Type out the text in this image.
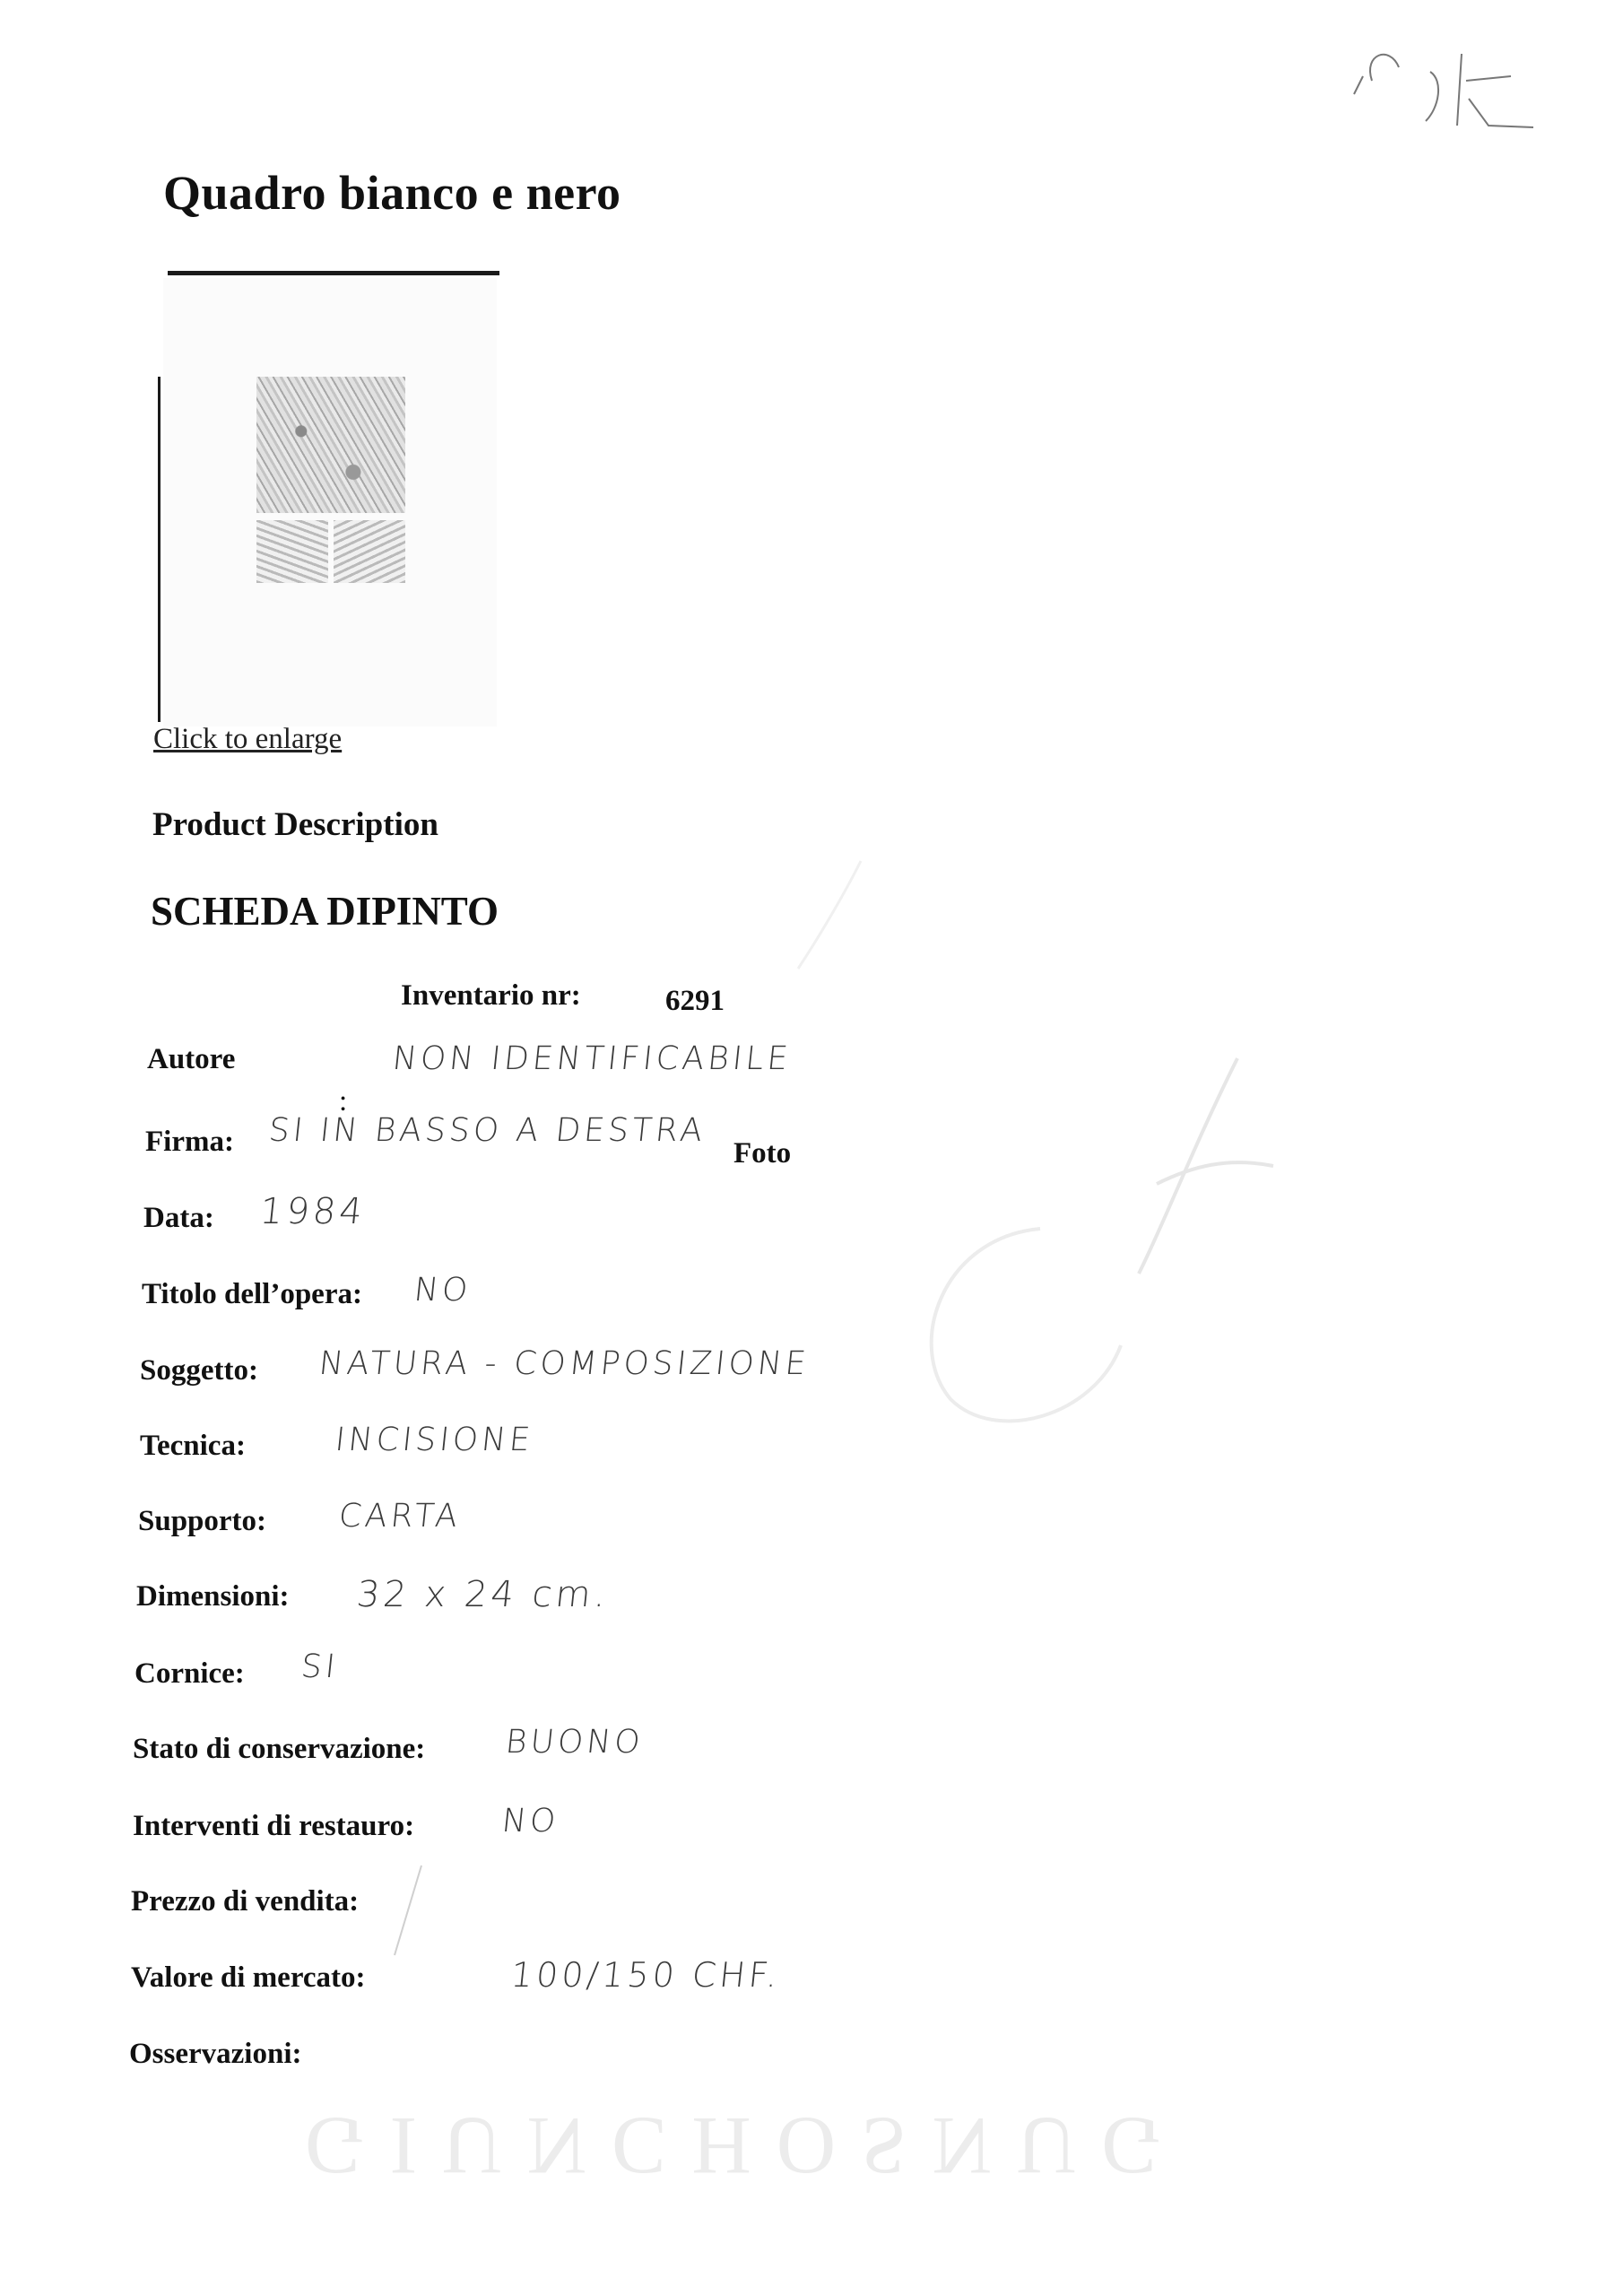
Quadro bianco e nero
Click to enlarge
Product Description
SCHEDA DIPINTO
Inventario nr:	6291
Autore
:
Firma:
Data:
Titolo dell’opera:
Soggetto:
Tecnica:
Supporto:
Dimensioni:
Cornice:
Stato di conservazione:
Interventi di restauro:
Prezzo di vendita:
Valore di mercato:
Osservazioni:
NON IDENTIFICABILE
SI IN BASSO A DESTRA
Foto
1984
NO
NATURA - COMPOSIZIONE
INCISIONE
CARTA
32 x 24 cm.
SI
BUONO
NO
100/150 CHF.
GIUNCHOSNUG
